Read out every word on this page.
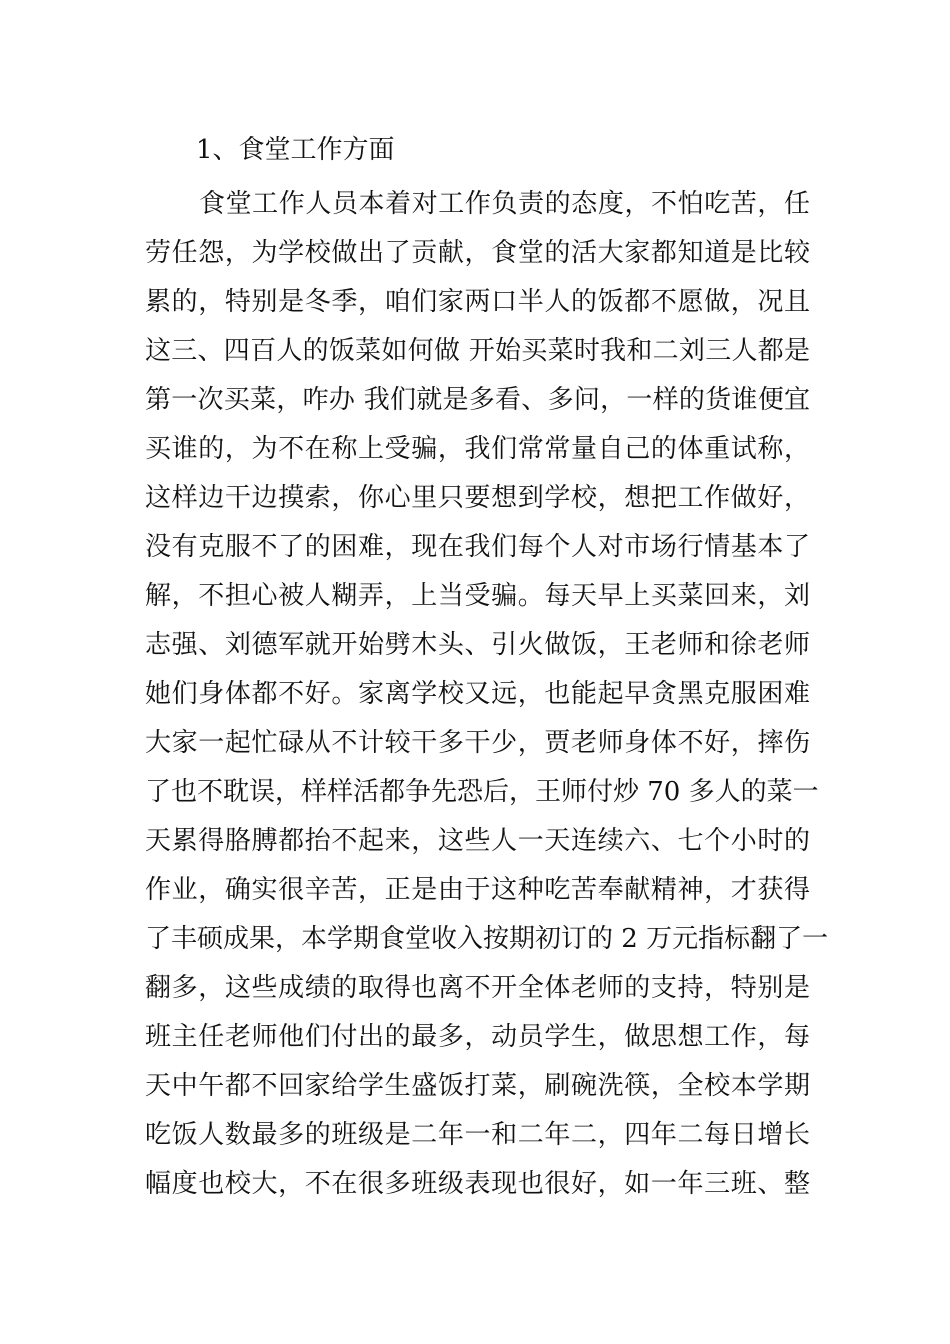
1、食堂工作方面
食堂工作人员本着对工作负责的态度，不怕吃苦，任
劳任怨，为学校做出了贡献，食堂的活大家都知道是比较
累的，特别是冬季，咱们家两口半人的饭都不愿做，况且
这三、四百人的饭菜如何做 开始买菜时我和二刘三人都是
第一次买菜，咋办 我们就是多看、多问，一样的货谁便宜
买谁的，为不在称上受骗，我们常常量自己的体重试称，
这样边干边摸索，你心里只要想到学校，想把工作做好，
没有克服不了的困难，现在我们每个人对市场行情基本了
解，不担心被人糊弄，上当受骗。每天早上买菜回来，刘
志强、刘德军就开始劈木头、引火做饭，王老师和徐老师
她们身体都不好。家离学校又远，也能起早贪黑克服困难
大家一起忙碌从不计较干多干少，贾老师身体不好，摔伤
了也不耽误，样样活都争先恐后，王师付炒 70 多人的菜一
天累得胳膊都抬不起来，这些人一天连续六、七个小时的
作业，确实很辛苦，正是由于这种吃苦奉献精神，才获得
了丰硕成果，本学期食堂收入按期初订的 2 万元指标翻了一
翻多，这些成绩的取得也离不开全体老师的支持，特别是
班主任老师他们付出的最多，动员学生，做思想工作，每
天中午都不回家给学生盛饭打菜，刷碗洗筷，全校本学期
吃饭人数最多的班级是二年一和二年二，四年二每日增长
幅度也校大，不在很多班级表现也很好，如一年三班、整
